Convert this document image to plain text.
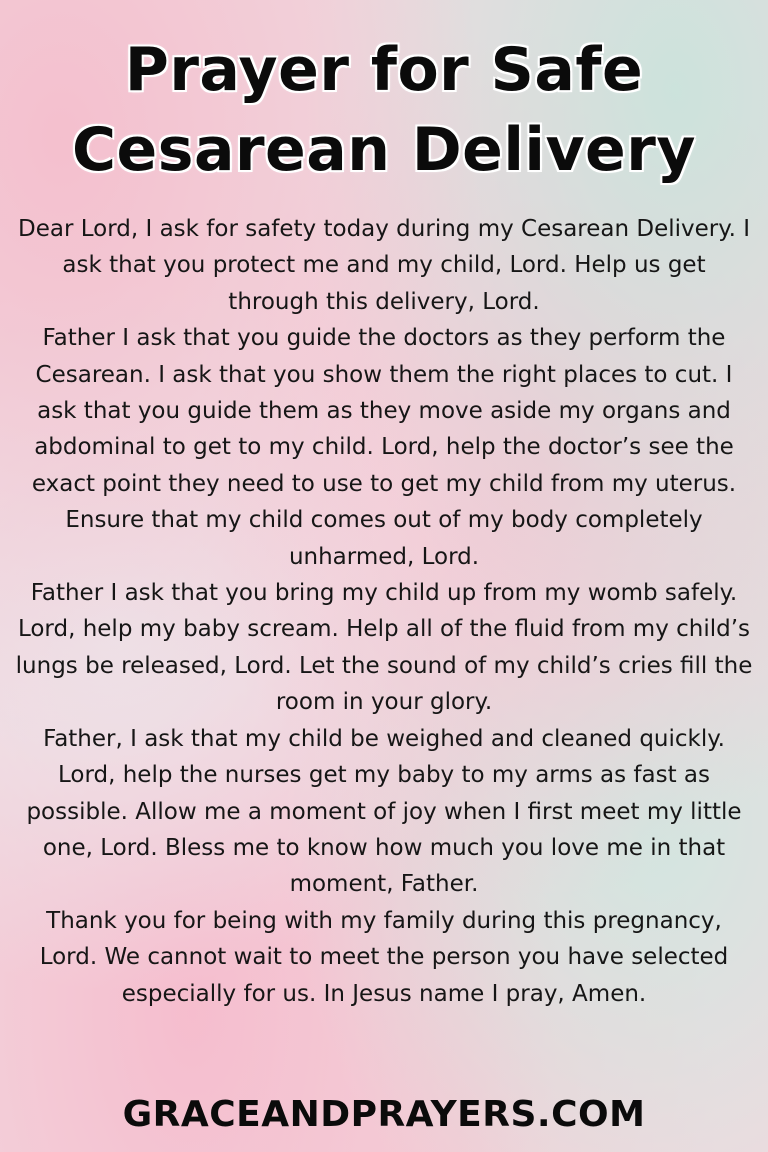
Prayer for Safe
Cesarean Delivery

Dear Lord, I ask for safety today during my Cesarean Delivery. I ask that you protect me and my child, Lord. Help us get through this delivery, Lord.

Father I ask that you guide the doctors as they perform the Cesarean. I ask that you show them the right places to cut. I ask that you guide them as they move aside my organs and abdominal to get to my child. Lord, help the doctor’s see the exact point they need to use to get my child from my uterus. Ensure that my child comes out of my body completely unharmed, Lord.

Father I ask that you bring my child up from my womb safely. Lord, help my baby scream. Help all of the fluid from my child’s lungs be released, Lord. Let the sound of my child’s cries fill the room in your glory.

Father, I ask that my child be weighed and cleaned quickly. Lord, help the nurses get my baby to my arms as fast as possible. Allow me a moment of joy when I first meet my little one, Lord. Bless me to know how much you love me in that moment, Father.

Thank you for being with my family during this pregnancy, Lord. We cannot wait to meet the person you have selected especially for us. In Jesus name I pray, Amen.

GRACEANDPRAYERS.COM
